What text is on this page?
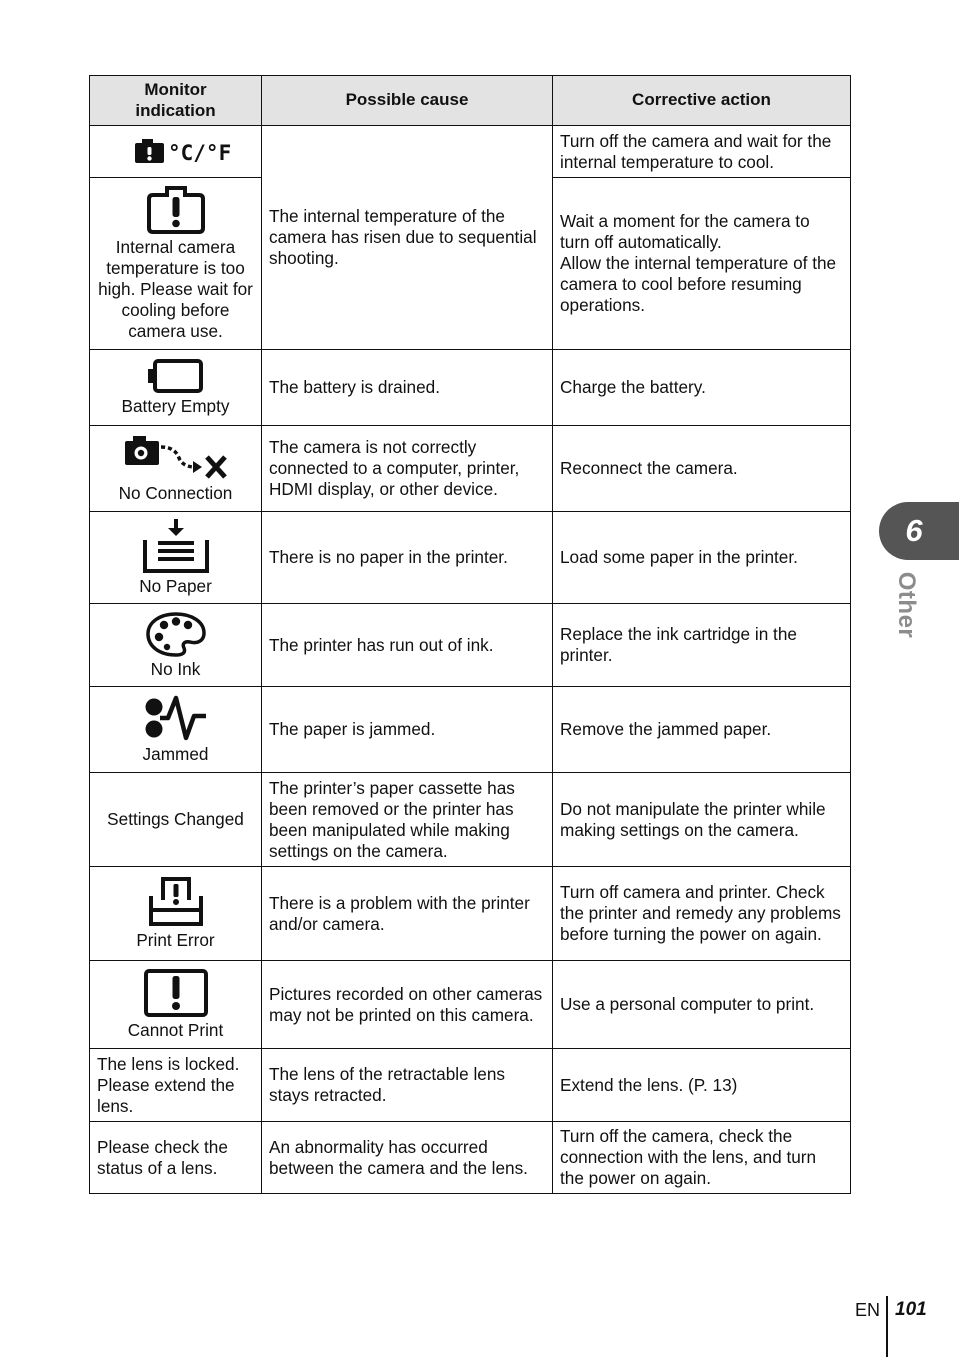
Monitor
indication	Possible cause	Corrective action

°C/°F	The internal temperature of the camera has risen due to sequential shooting.	Turn off the camera and wait for the internal temperature to cool.

Internal camera temperature is too high. Please wait for cooling before camera use.		Wait a moment for the camera to turn off automatically.
Allow the internal temperature of the camera to cool before resuming operations.

Battery Empty	The battery is drained.	Charge the battery.

No Connection	The camera is not correctly connected to a computer, printer, HDMI display, or other device.	Reconnect the camera.

No Paper	There is no paper in the printer.	Load some paper in the printer.

No Ink	The printer has run out of ink.	Replace the ink cartridge in the printer.

Jammed	The paper is jammed.	Remove the jammed paper.
Settings Changed	The printer’s paper cassette has been removed or the printer has been manipulated while making settings on the camera.	Do not manipulate the printer while making settings on the camera.

Print Error	There is a problem with the printer and/or camera.	Turn off camera and printer. Check the printer and remedy any problems before turning the power on again.

Cannot Print	Pictures recorded on other cameras may not be printed on this camera.	Use a personal computer to print.
The lens is locked. Please extend the lens.	The lens of the retractable lens stays retracted.	Extend the lens. (P. 13)
Please check the status of a lens.	An abnormality has occurred between the camera and the lens.	Turn off the camera, check the connection with the lens, and turn the power on again.
6
Other
EN 101
